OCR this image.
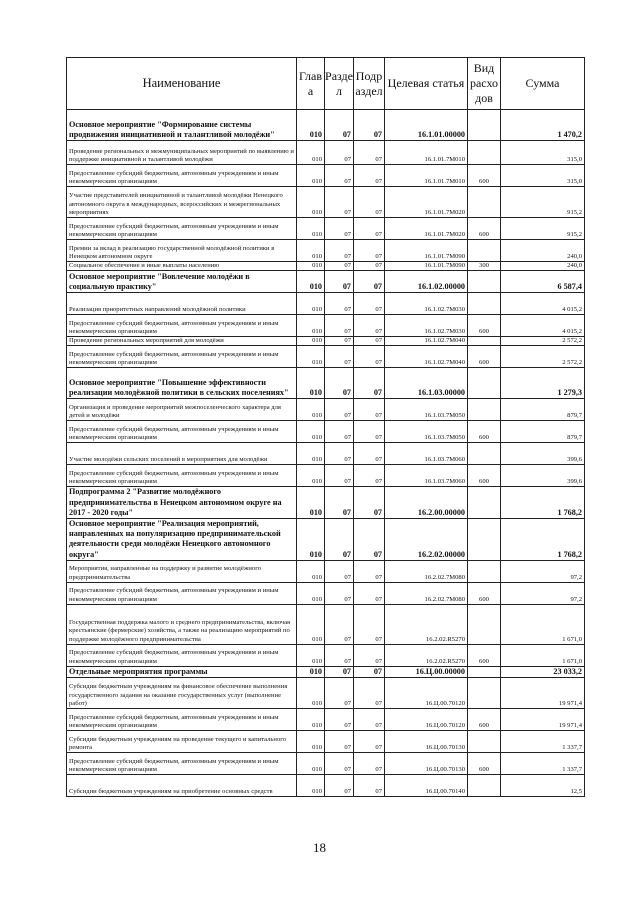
Наименование	Глав а	Разде л	Подр аздел	Целевая статья	Вид расхо дов	Сумма
Основное мероприятие "Формирование системы продвижения инициативной и талантливой молодёжи"	010	07	07	16.1.01.00000		1 470,2
Проведение региональных и межмуниципальных мероприятий по выявлению и поддержке инициативной и талантливой молодёжи	010	07	07	16.1.01.7М010		315,0
Предоставление субсидий бюджетным, автономным учреждениям и иным некоммерческим организациям	010	07	07	16.1.01.7М010	600	315,0
Участие представителей инициативной и талантливой молодёжи Ненецкого автономного округа в международных, всероссийских и межрегиональных мероприятиях	010	07	07	16.1.01.7М020		915,2
Предоставление субсидий бюджетным, автономным учреждениям и иным некоммерческим организациям	010	07	07	16.1.01.7М020	600	915,2
Премии за вклад в реализацию государственной молодёжной политики в Ненецком автономном округе	010	07	07	16.1.01.7М090		240,0
Социальное обеспечение и иные выплаты населению	010	07	07	16.1.01.7М090	300	240,0
Основное мероприятие "Вовлечение молодёжи в социальную практику"	010	07	07	16.1.02.00000		6 587,4
Реализация приоритетных направлений молодёжной политики	010	07	07	16.1.02.7М030		4 015,2
Предоставление субсидий бюджетным, автономным учреждениям и иным некоммерческим организациям	010	07	07	16.1.02.7М030	600	4 015,2
Проведение региональных мероприятий для молодёжи	010	07	07	16.1.02.7М040		2 572,2
Предоставление субсидий бюджетным, автономным учреждениям и иным некоммерческим организациям	010	07	07	16.1.02.7М040	600	2 572,2
Основное мероприятие "Повышение эффективности реализации молодёжной политики в сельских поселениях"	010	07	07	16.1.03.00000		1 279,3
Организация и проведение мероприятий межпоселенческого характера для детей и молодёжи	010	07	07	16.1.03.7М050		879,7
Предоставление субсидий бюджетным, автономным учреждениям и иным некоммерческим организациям	010	07	07	16.1.03.7М050	600	879,7
Участие молодёжи сельских поселений в мероприятиях для молодёжи	010	07	07	16.1.03.7М060		399,6
Предоставление субсидий бюджетным, автономным учреждениям и иным некоммерческим организациям	010	07	07	16.1.03.7М060	600	399,6
Подпрограмма 2 "Развитие молодёжного предпринимательства в Ненецком автономном округе на 2017 - 2020 годы"	010	07	07	16.2.00.00000		1 768,2
Основное мероприятие "Реализация мероприятий, направленных на популяризацию предпринимательской деятельности среди молодёжи Ненецкого автономного округа"	010	07	07	16.2.02.00000		1 768,2
Мероприятия, направленные на поддержку и развитие молодёжного предпринимательства	010	07	07	16.2.02.7М080		97,2
Предоставление субсидий бюджетным, автономным учреждениям и иным некоммерческим организациям	010	07	07	16.2.02.7М080	600	97,2
Государственная поддержка малого и среднего предпринимательства, включая крестьянские (фермерские) хозяйства, а также на реализацию мероприятий по поддержке молодёжного предпринимательства	010	07	07	16.2.02.R5270		1 671,0
Предоставление субсидий бюджетным, автономным учреждениям и иным некоммерческим организациям	010	07	07	16.2.02.R5270	600	1 671,0
Отдельные мероприятия программы	010	07	07	16.Ц.00.00000		23 033,2
Субсидии бюджетным учреждениям на финансовое обеспечение выполнения государственного задания на оказание государственных услуг (выполнение работ)	010	07	07	16.Ц.00.70120		19 971,4
Предоставление субсидий бюджетным, автономным учреждениям и иным некоммерческим организациям	010	07	07	16.Ц.00.70120	600	19 971,4
Субсидии бюджетным учреждениям на проведение текущего и капитального ремонта	010	07	07	16.Ц.00.70130		1 337,7
Предоставление субсидий бюджетным, автономным учреждениям и иным некоммерческим организациям	010	07	07	16.Ц.00.70130	600	1 337,7
Субсидии бюджетным учреждениям на приобретение основных средств	010	07	07	16.Ц.00.70140		12,5
18
